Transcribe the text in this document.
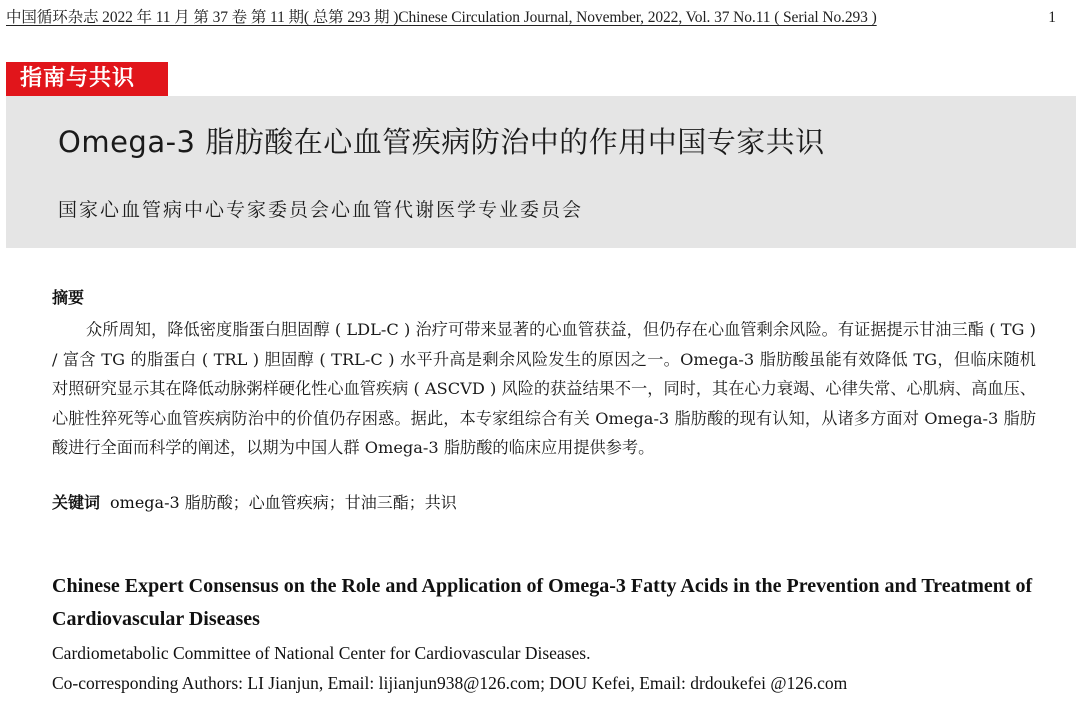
中国循环杂志 2022 年 11 月 第 37 卷 第 11 期( 总第 293 期 )Chinese Circulation Journal, November, 2022, Vol. 37 No.11 ( Serial No.293 )	1
指南与共识
Omega-3 脂肪酸在心血管疾病防治中的作用中国专家共识
国家心血管病中心专家委员会心血管代谢医学专业委员会
摘要
众所周知，降低密度脂蛋白胆固醇 ( LDL-C ) 治疗可带来显著的心血管获益，但仍存在心血管剩余风险。有证据提示甘油三酯 ( TG ) / 富含 TG 的脂蛋白 ( TRL ) 胆固醇 ( TRL-C ) 水平升高是剩余风险发生的原因之一。Omega-3 脂肪酸虽能有效降低 TG，但临床随机对照研究显示其在降低动脉粥样硬化性心血管疾病 ( ASCVD ) 风险的获益结果不一，同时，其在心力衰竭、心律失常、心肌病、高血压、心脏性猝死等心血管疾病防治中的价值仍存困惑。据此，本专家组综合有关 Omega-3 脂肪酸的现有认知，从诸多方面对 Omega-3 脂肪酸进行全面而科学的阐述，以期为中国人群 Omega-3 脂肪酸的临床应用提供参考。
关键词 omega-3 脂肪酸；心血管疾病；甘油三酯；共识
Chinese Expert Consensus on the Role and Application of Omega-3 Fatty Acids in the Prevention and Treatment of Cardiovascular Diseases
Cardiometabolic Committee of National Center for Cardiovascular Diseases.
Co-corresponding Authors: LI Jianjun, Email: lijianjun938@126.com; DOU Kefei, Email: drdoukefei @126.com
